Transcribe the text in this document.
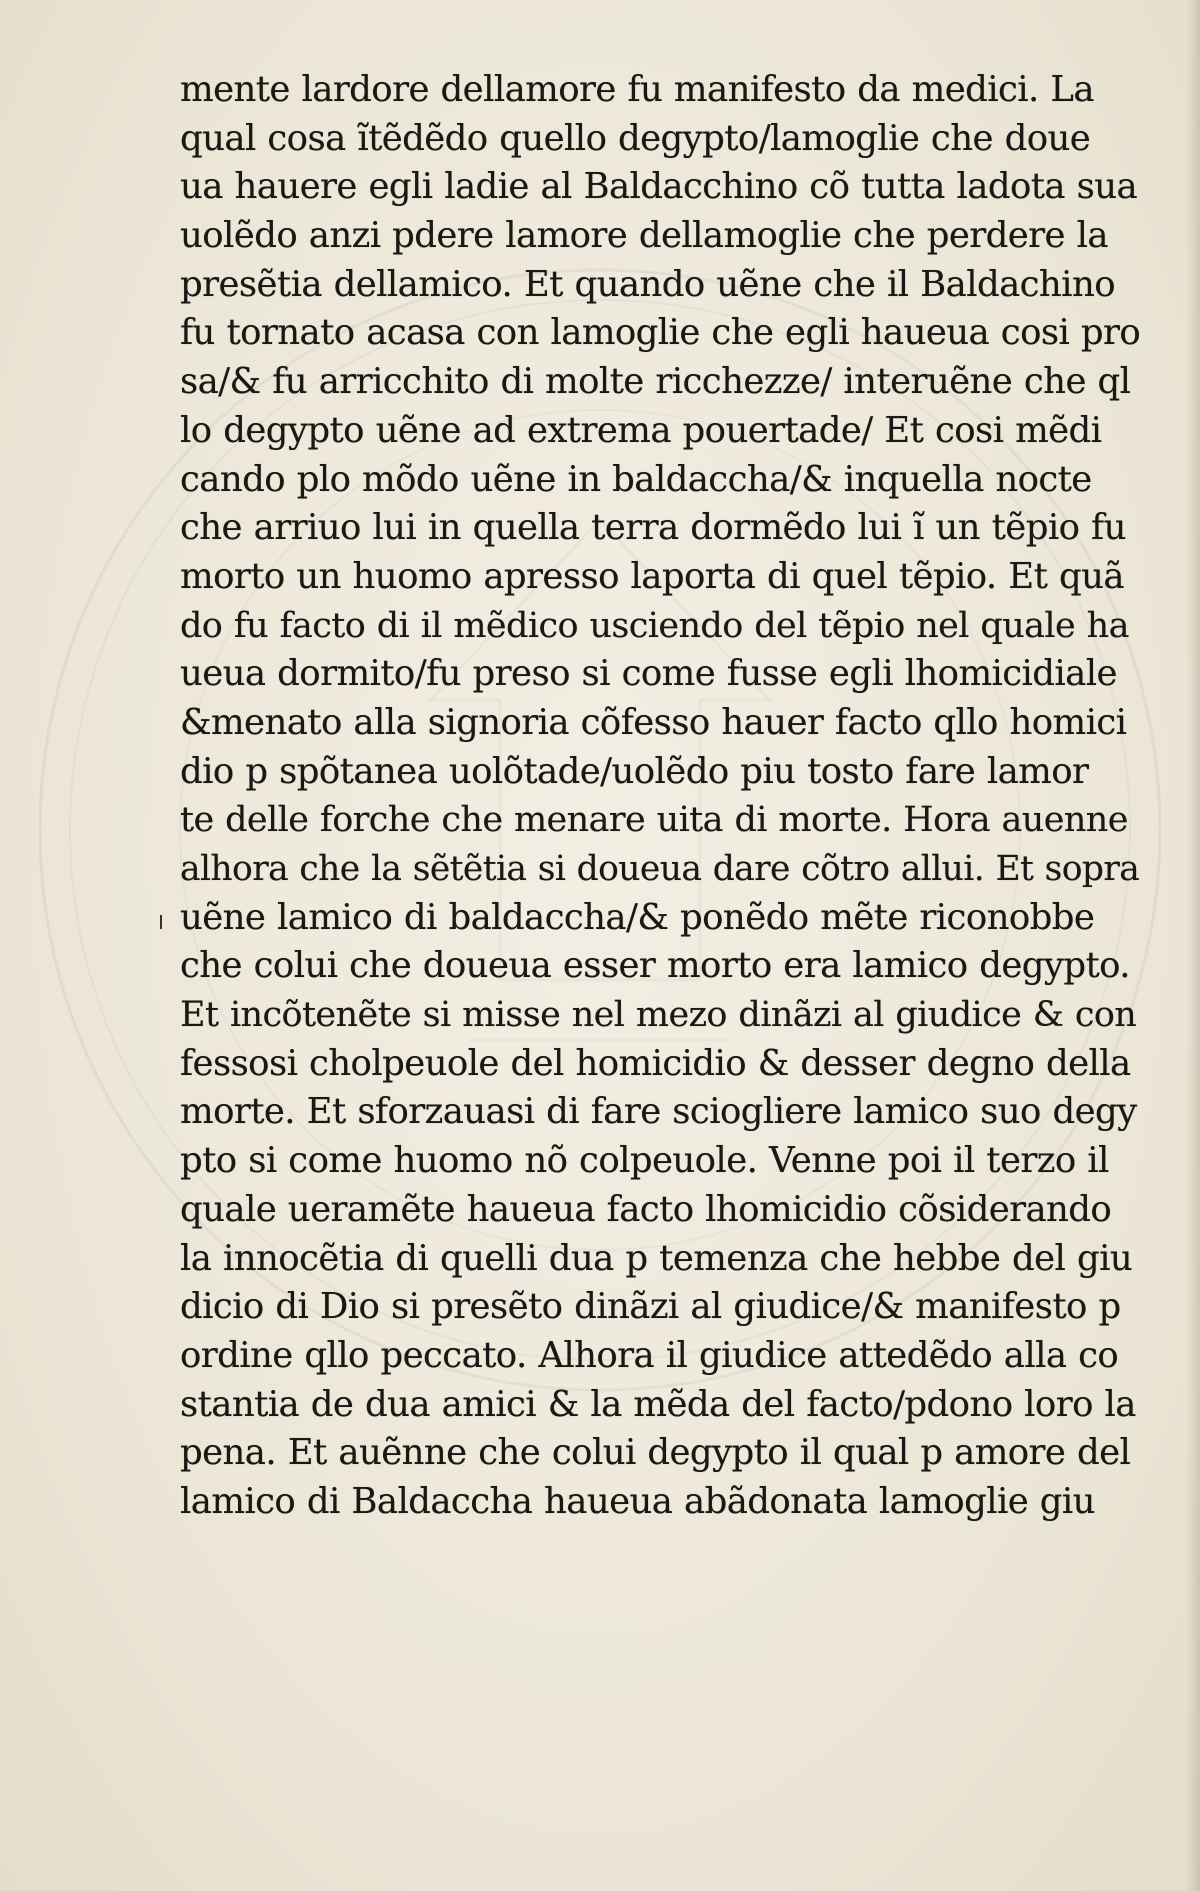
mente lardore dellamore fu manifesto da medici. La
qual cosa ĩtẽdẽdo quello degypto/lamoglie che doue
ua hauere egli ladie al Baldacchino cõ tutta ladota sua
uolẽdo anzi pdere lamore dellamoglie che perdere la
presẽtia dellamico. Et quando uẽne che il Baldachino
fu tornato acasa con lamoglie che egli haueua cosi pro
sa/& fu arricchito di molte ricchezze/ interuẽne che ql
lo degypto uẽne ad extrema pouertade/ Et cosi mẽdi
cando plo mõdo uẽne in baldaccha/& inquella nocte
che arriuo lui in quella terra dormẽdo lui ĩ un tẽpio fu
morto un huomo apresso laporta di quel tẽpio. Et quã
do fu facto di il mẽdico usciendo del tẽpio nel quale ha
ueua dormito/fu preso si come fusse egli lhomicidiale
&menato alla signoria cõfesso hauer facto qllo homici
dio p spõtanea uolõtade/uolẽdo piu tosto fare lamor
te delle forche che menare uita di morte. Hora auenne
alhora che la sẽtẽtia si doueua dare cõtro allui. Et sopra
uẽne lamico di baldaccha/& ponẽdo mẽte riconobbe
che colui che doueua esser morto era lamico degypto.
Et incõtenẽte si misse nel mezo dinãzi al giudice & con
fessosi cholpeuole del homicidio & desser degno della
morte. Et sforzauasi di fare sciogliere lamico suo degy
pto si come huomo nõ colpeuole. Venne poi il terzo il
quale ueramẽte haueua facto lhomicidio cõsiderando
la innocẽtia di quelli dua p temenza che hebbe del giu
dicio di Dio si presẽto dinãzi al giudice/& manifesto p
ordine qllo peccato. Alhora il giudice attedẽdo alla co
stantia de dua amici & la mẽda del facto/pdono loro la
pena. Et auẽnne che colui degypto il qual p amore del
lamico di Baldaccha haueua abãdonata lamoglie giu
